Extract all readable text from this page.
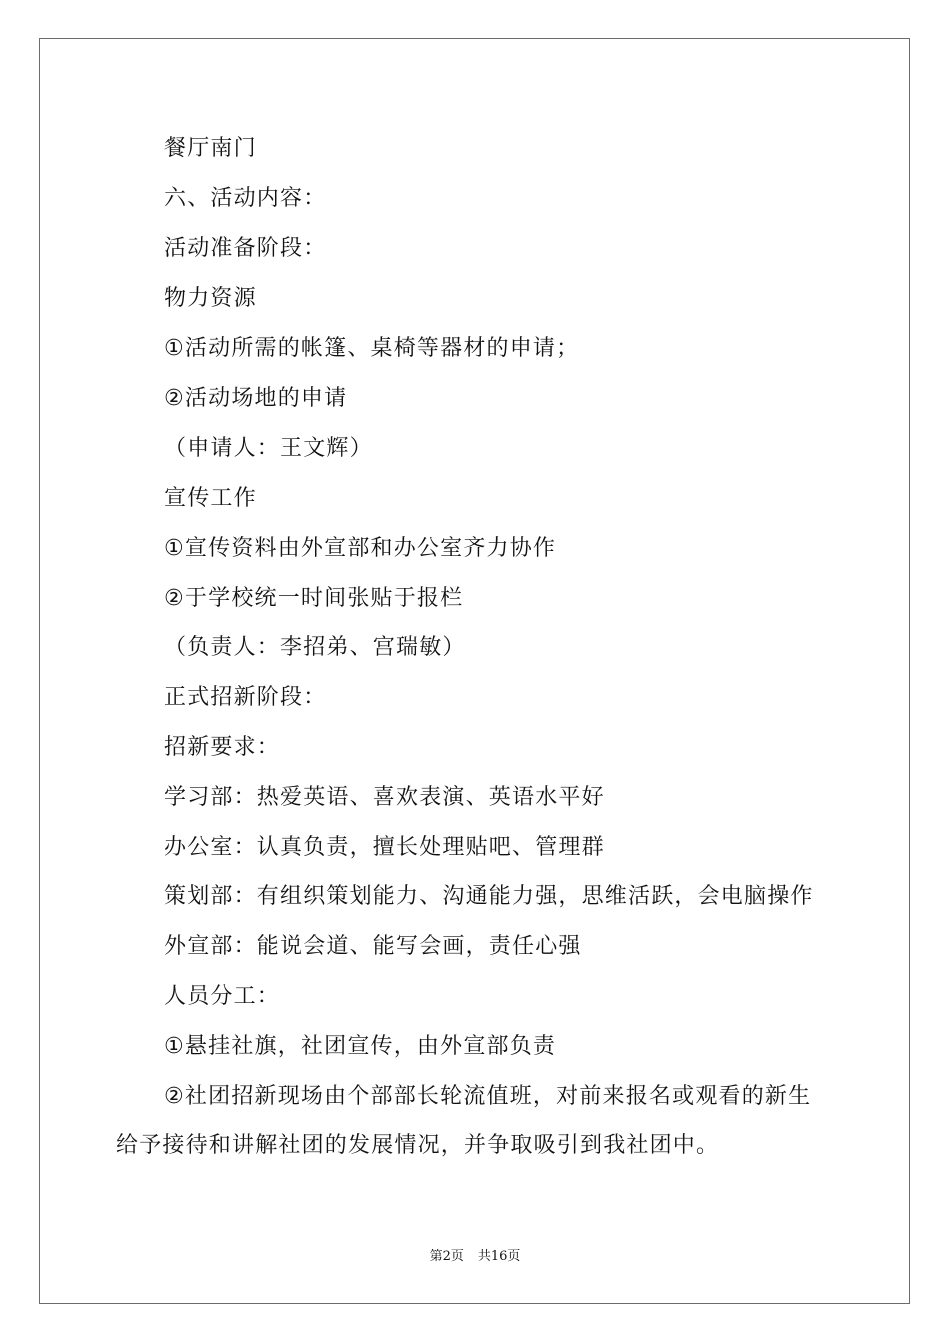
餐厅南门
六、活动内容：
活动准备阶段：
物力资源
①活动所需的帐篷、桌椅等器材的申请；
②活动场地的申请
（申请人：王文辉）
宣传工作
①宣传资料由外宣部和办公室齐力协作
②于学校统一时间张贴于报栏
（负责人：李招弟、宫瑞敏）
正式招新阶段：
招新要求：
学习部：热爱英语、喜欢表演、英语水平好
办公室：认真负责，擅长处理贴吧、管理群
策划部：有组织策划能力、沟通能力强，思维活跃，会电脑操作
外宣部：能说会道、能写会画，责任心强
人员分工：
①悬挂社旗，社团宣传，由外宣部负责
②社团招新现场由个部部长轮流值班，对前来报名或观看的新生
给予接待和讲解社团的发展情况，并争取吸引到我社团中。
第2页 共16页
